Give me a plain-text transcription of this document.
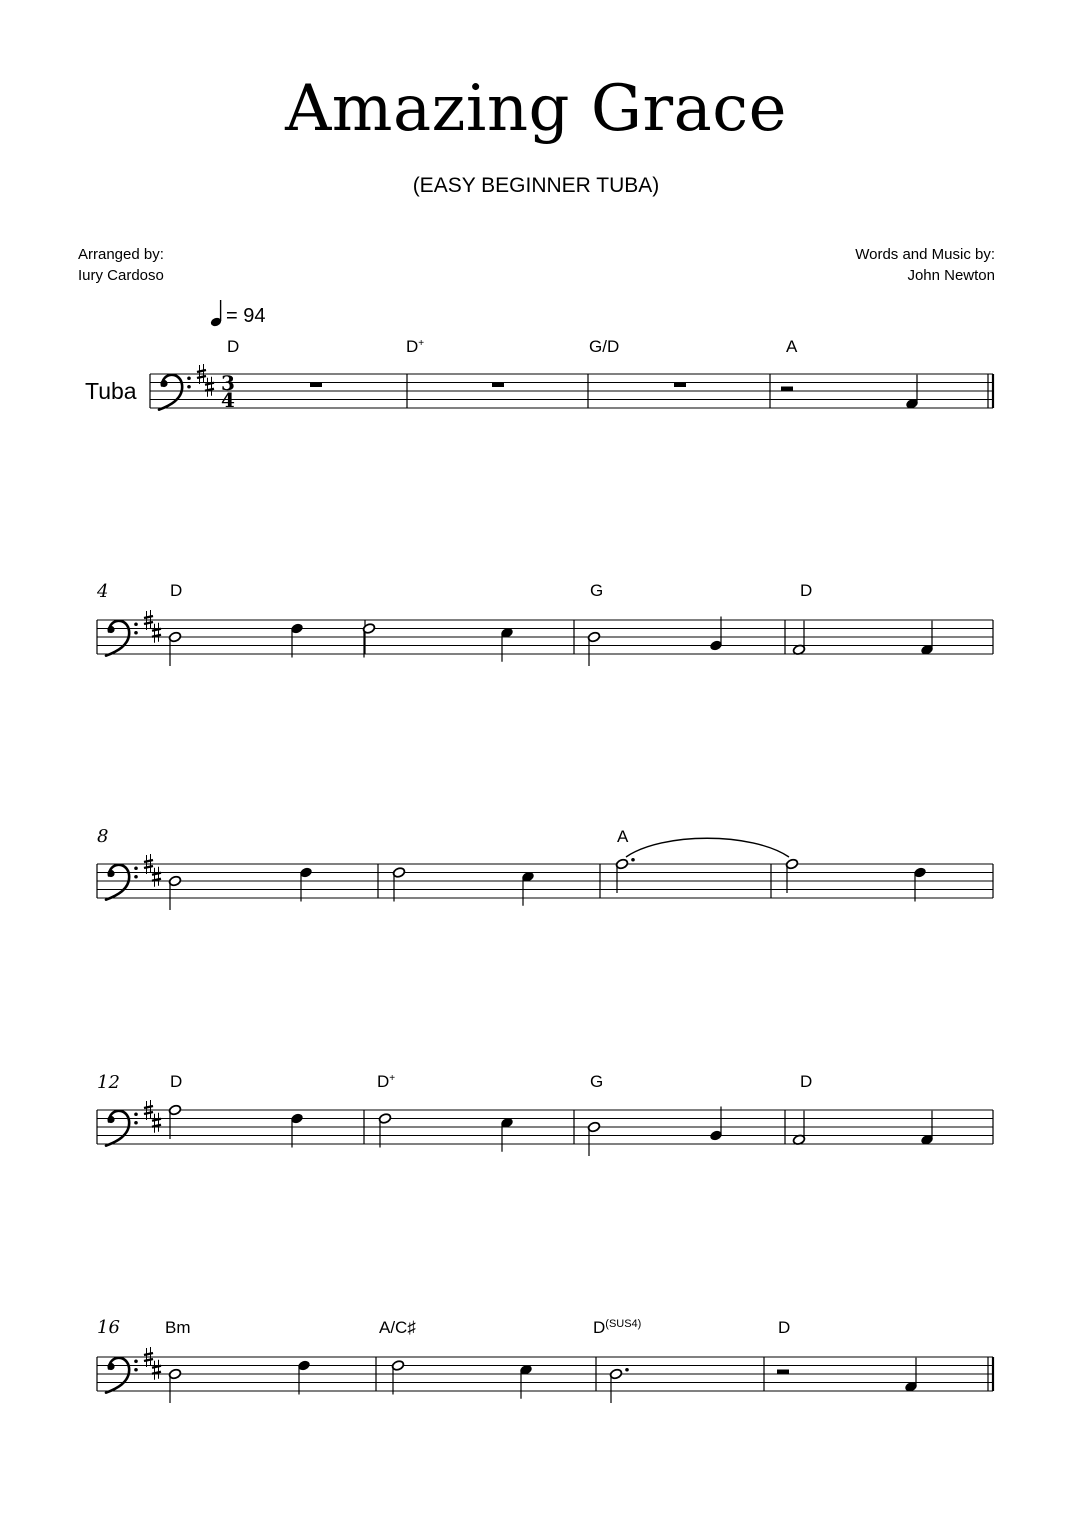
Amazing Grace
(EASY BEGINNER TUBA)
Arranged by:
Iury Cardoso
Words and Music by:
John Newton
= 94
3
4
D	D+	G/D	A
Tuba
4	D	G	D
8	A
12	D	D+	G	D
16	Bm	A/C♯	$D^{(SUS4)}$	D
